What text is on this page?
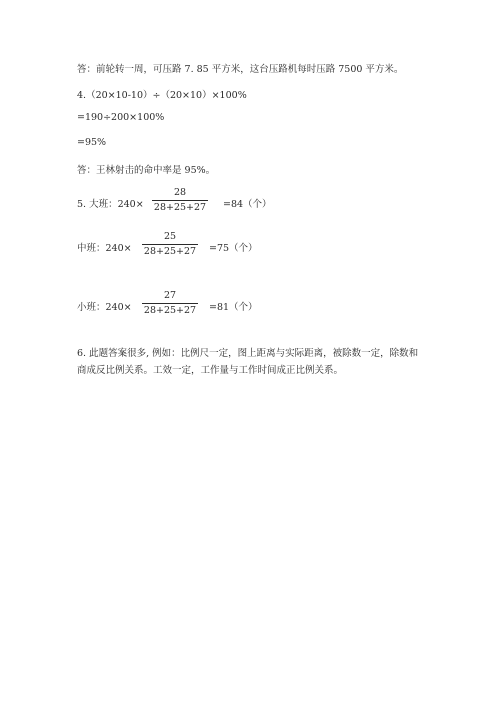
答：前轮转一周，可压路 7. 85 平方米，这台压路机每时压路 7500 平方米。
4.（20×10-10）÷（20×10）×100%
=190÷200×100%
=95%
答：王林射击的命中率是 95%。
5. 大班：240×
28
28+25+27 =84（个）
中班：240×
25
28+25+27 =75（个）
小班：240×
27
28+25+27 =81（个）
6. 此题答案很多, 例如：比例尺一定，图上距离与实际距离，被除数一定，除数和商成反比例关系。工效一定，工作量与工作时间成正比例关系。
